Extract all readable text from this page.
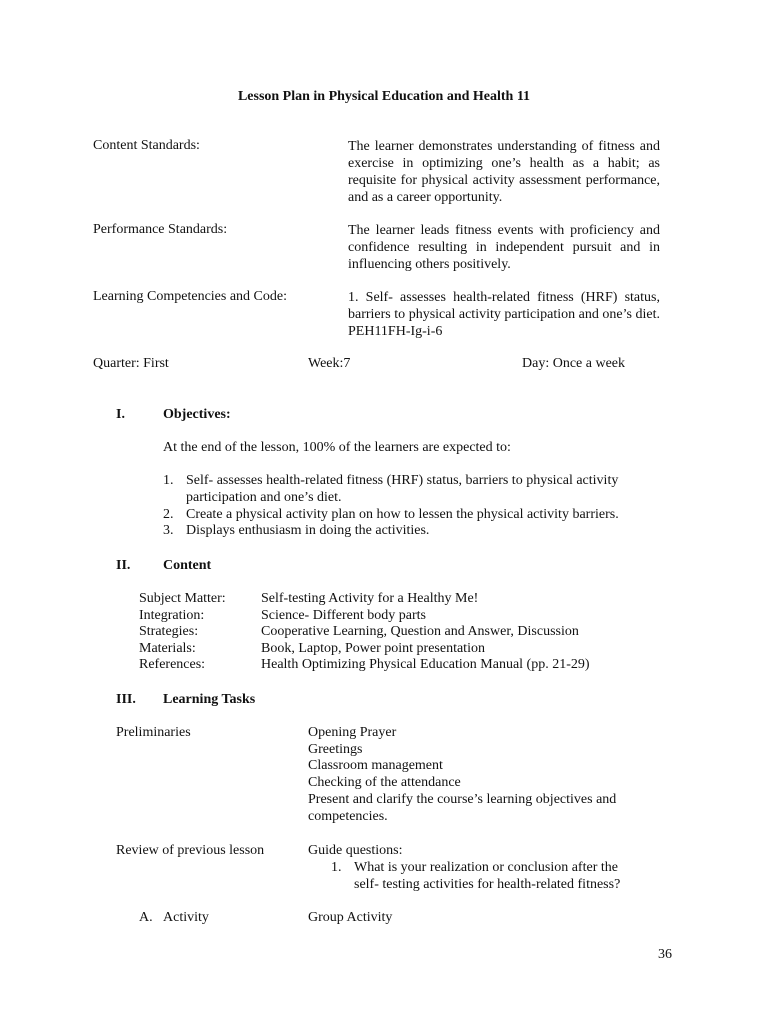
Lesson Plan in Physical Education and Health 11
Content Standards:	The learner demonstrates understanding of fitness and exercise in optimizing one’s health as a habit; as requisite for physical activity assessment performance, and as a career opportunity.
Performance Standards:	The learner leads fitness events with proficiency and confidence resulting in independent pursuit and in influencing others positively.
Learning Competencies and Code:	1. Self- assesses health-related fitness (HRF) status, barriers to physical activity participation and one’s diet. PEH11FH-Ig-i-6
Quarter: First	Week:7	Day: Once a week
I.	Objectives:
At the end of the lesson, 100% of the learners are expected to:
1. Self- assesses health-related fitness (HRF) status, barriers to physical activity
participation and one’s diet.
2. Create a physical activity plan on how to lessen the physical activity barriers.
3. Displays enthusiasm in doing the activities.
II. Content
Subject Matter:	Self-testing Activity for a Healthy Me!
Integration:	Science- Different body parts
Strategies:	Cooperative Learning, Question and Answer, Discussion
Materials:	Book, Laptop, Power point presentation
References:	Health Optimizing Physical Education Manual (pp. 21-29)
III. Learning Tasks
Preliminaries	Opening Prayer
Greetings
Classroom management
Checking of the attendance
Present and clarify the course’s learning objectives and
competencies.
Review of previous lesson	Guide questions:
1. What is your realization or conclusion after the
self- testing activities for health-related fitness?
A. Activity	Group Activity
36
